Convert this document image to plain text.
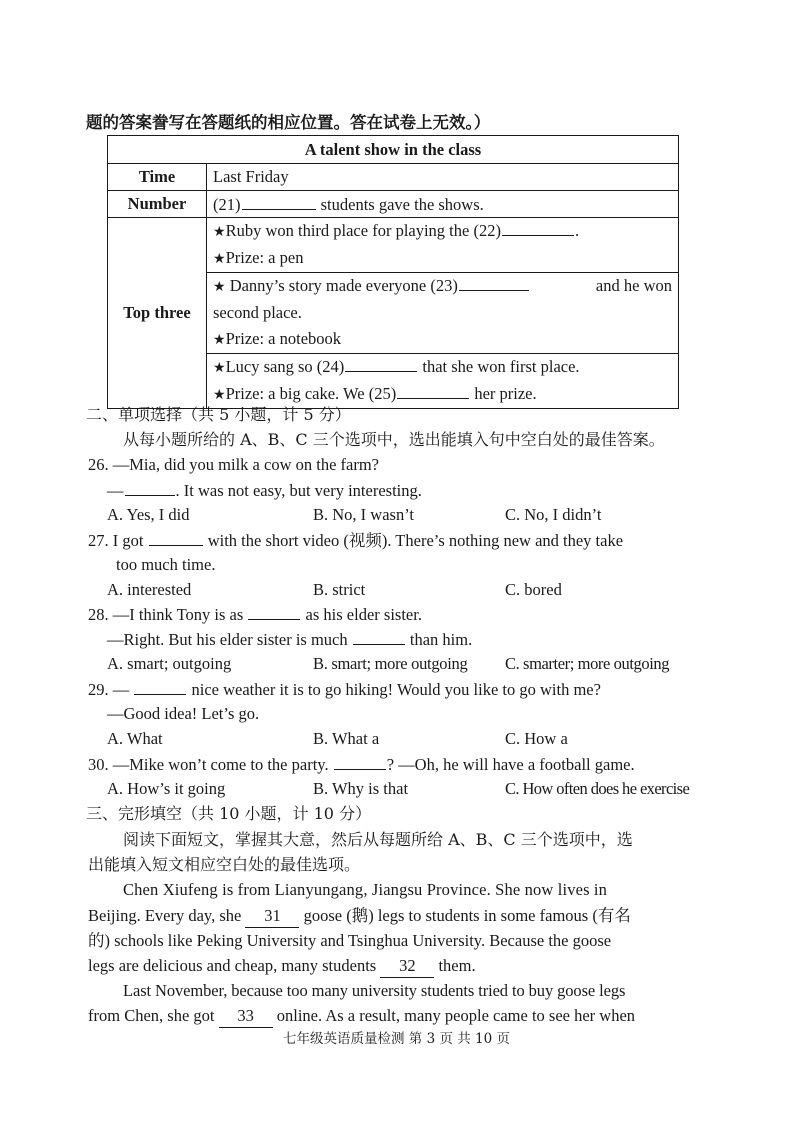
题的答案誊写在答题纸的相应位置。答在试卷上无效。）
A talent show in the class	
Time	Last Friday
Number	(21) students gave the shows.
Top three	★Ruby won third place for playing the (22) .
★Prize: a pen

	★ Danny’s story made everyone (23) and he won
second place.
★Prize: a notebook

	★Lucy sang so (24) that she won first place.
★Prize: a big cake. We (25) her prize.
二、单项选择（共 5 小题，计 5 分）
从每小题所给的 A、B、C 三个选项中，选出能填入句中空白处的最佳答案。
26. —Mia, did you milk a cow on the farm?
—	. It was not easy, but very interesting.
A. Yes, I did	B. No, I wasn’t	C. No, I didn’t
27. I got	with the short video (视频). There’s nothing new and they take
too much time.
A. interested	B. strict	C. bored
28. —I think Tony is as	as his elder sister.
—Right. But his elder sister is much	than him.
A. smart; outgoing	B. smart; more outgoing C. smarter; more outgoing
29. —	nice weather it is to go hiking! Would you like to go with me?
—Good idea! Let’s go.
A. What	B. What a	C. How a
30. —Mike won’t come to the party.	? —Oh, he will have a football game.
A. How’s it going	B. Why is that	C. How often does he exercise
三、完形填空（共 10 小题，计 10 分）
阅读下面短文，掌握其大意，然后从每题所给 A、B、C 三个选项中，选
出能填入短文相应空白处的最佳选项。
Chen Xiufeng is from Lianyungang, Jiangsu Province. She now lives in
Beijing. Every day, she 31 goose (鹅) legs to students in some famous (有名
的) schools like Peking University and Tsinghua University. Because the goose
legs are delicious and cheap, many students 32 them.
Last November, because too many university students tried to buy goose legs
from Chen, she got 33 online. As a result, many people came to see her when
七年级英语质量检测 第 3 页 共 10 页
